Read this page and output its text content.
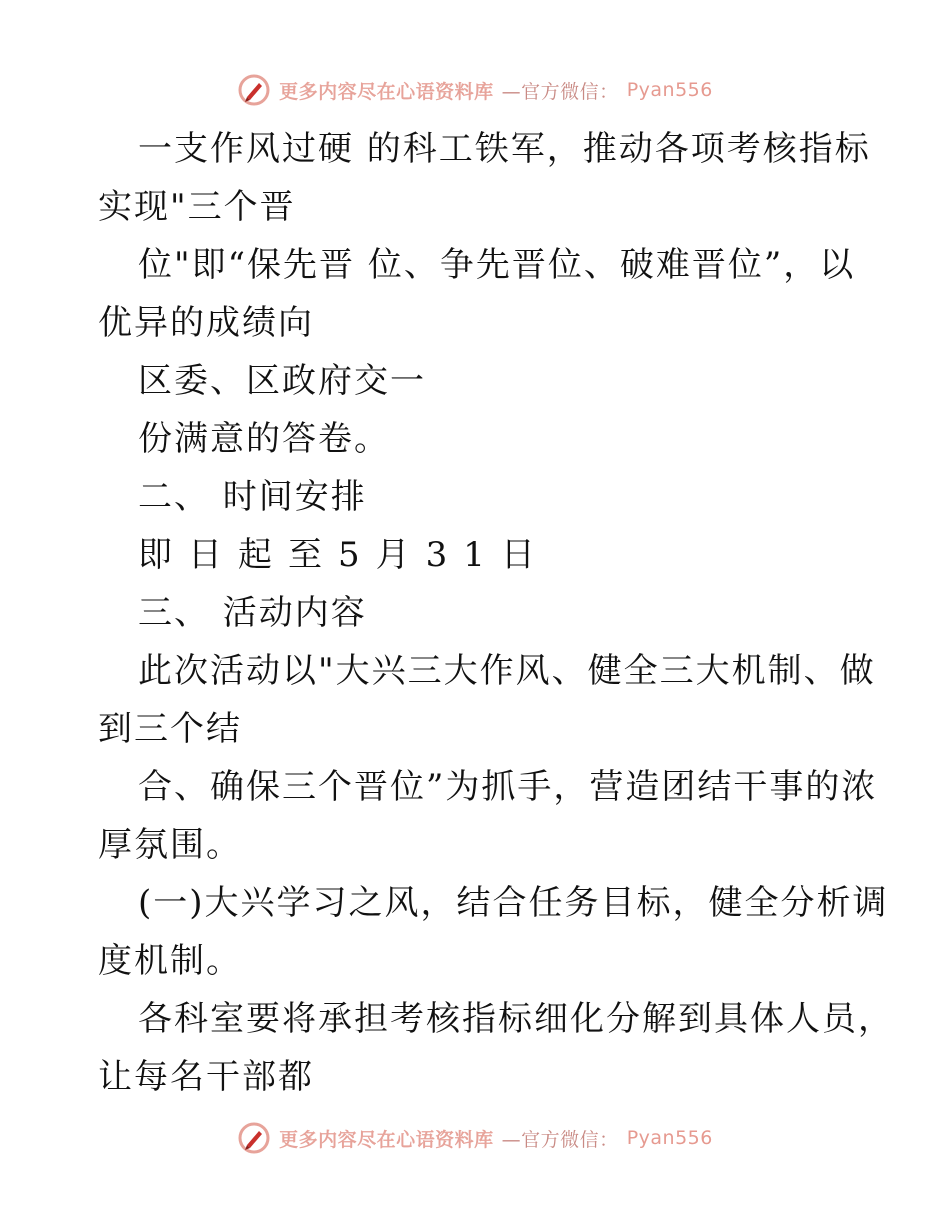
更多内容尽在心语资料库 —官方微信： Pyan556
一支作风过硬 的科工铁军，推动各项考核指标
实现"三个晋
位"即“保先晋 位、争先晋位、破难晋位”，以
优异的成绩向
区委、区政府交一
份满意的答卷。
二、 时间安排
即日起至5月31日
三、 活动内容
此次活动以"大兴三大作风、健全三大机制、做
到三个结
合、确保三个晋位”为抓手，营造团结干事的浓
厚氛围。
(一)大兴学习之风，结合任务目标，健全分析调
度机制。
各科室要将承担考核指标细化分解到具体人员，
让每名干部都
更多内容尽在心语资料库 —官方微信： Pyan556
